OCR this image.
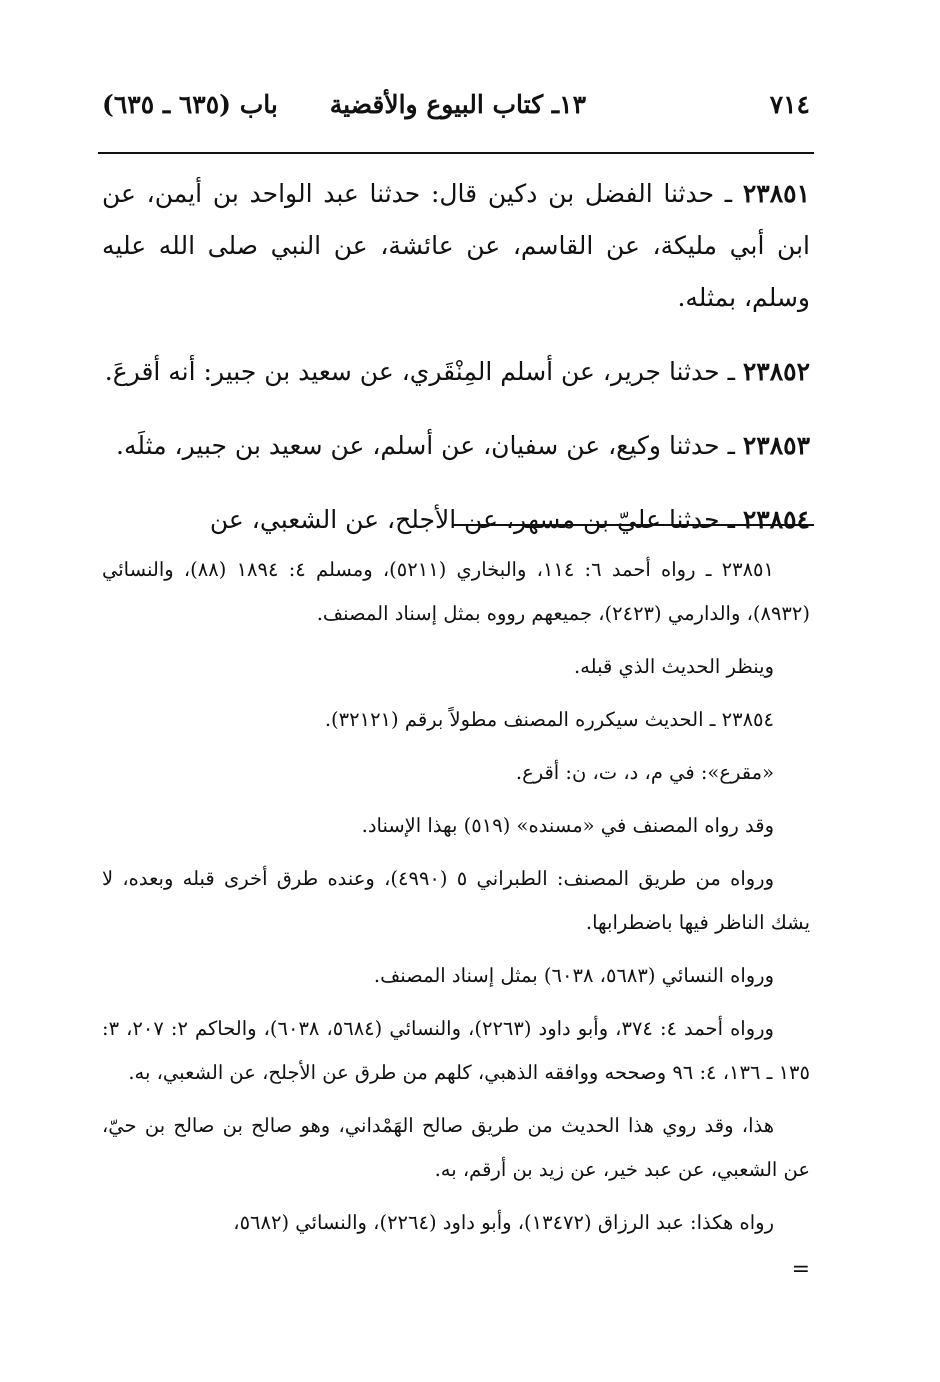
٧١٤
١٣ـ كتاب البيوع والأقضية
باب (٦٣٥ ـ ٦٣٥)

٢٣٨٥١ ـ حدثنا الفضل بن دكين قال: حدثنا عبد الواحد بن أيمن، عن ابن أبي مليكة، عن القاسم، عن عائشة، عن النبي صلى الله عليه وسلم، بمثله.

٢٣٨٥٢ ـ حدثنا جرير، عن أسلم المِنْقَري، عن سعيد بن جبير: أنه أقرعَ.

٢٣٨٥٣ ـ حدثنا وكيع، عن سفيان، عن أسلم، عن سعيد بن جبير، مثلَه.

٢٣٨٥٤ ـ حدثنا عليّ بن مسهر، عن الأجلح، عن الشعبي، عن

٢٣٨٥١ ـ رواه أحمد ٦: ١١٤، والبخاري (٥٢١١)، ومسلم ٤: ١٨٩٤ (٨٨)، والنسائي (٨٩٣٢)، والدارمي (٢٤٢٣)، جميعهم رووه بمثل إسناد المصنف.

وينظر الحديث الذي قبله.

٢٣٨٥٤ ـ الحديث سيكرره المصنف مطولاً برقم (٣٢١٢١).

«مقرع»: في م، د، ت، ن: أقرع.

وقد رواه المصنف في «مسنده» (٥١٩) بهذا الإسناد.

ورواه من طريق المصنف: الطبراني ٥ (٤٩٩٠)، وعنده طرق أخرى قبله وبعده، لا يشك الناظر فيها باضطرابها.

ورواه النسائي (٥٦٨٣، ٦٠٣٨) بمثل إسناد المصنف.

ورواه أحمد ٤: ٣٧٤، وأبو داود (٢٢٦٣)، والنسائي (٥٦٨٤، ٦٠٣٨)، والحاكم ٢: ٢٠٧، ٣: ١٣٥ ـ ١٣٦، ٤: ٩٦ وصححه ووافقه الذهبي، كلهم من طرق عن الأجلح، عن الشعبي، به.

هذا، وقد روي هذا الحديث من طريق صالح الهَمْداني، وهو صالح بن صالح بن حيّ، عن الشعبي، عن عبد خير، عن زيد بن أرقم، به.

رواه هكذا: عبد الرزاق (١٣٤٧٢)، وأبو داود (٢٢٦٤)، والنسائي (٥٦٨٢،

=
